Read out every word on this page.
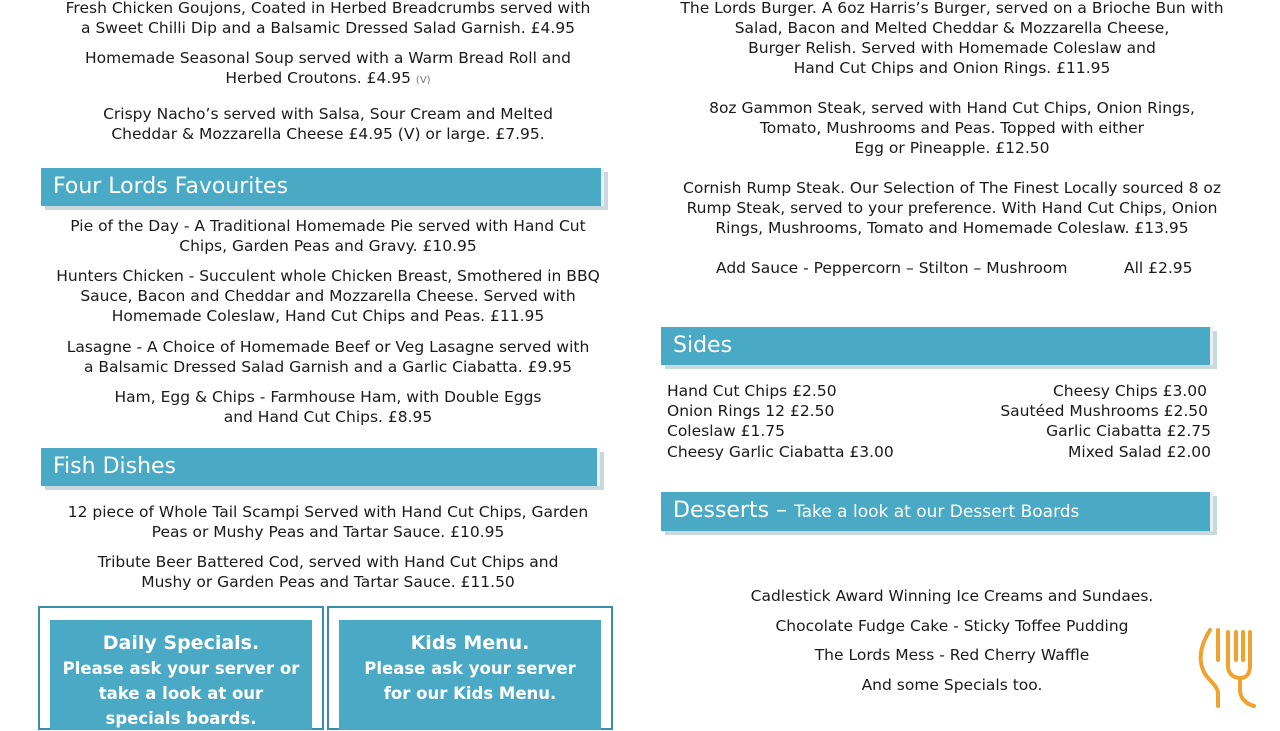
Fresh Chicken Goujons, Coated in Herbed Breadcrumbs served with
a Sweet Chilli Dip and a Balsamic Dressed Salad Garnish. £4.95
Homemade Seasonal Soup served with a Warm Bread Roll and
Herbed Croutons. £4.95 (V)
Crispy Nacho’s served with Salsa, Sour Cream and Melted
Cheddar & Mozzarella Cheese £4.95 (V) or large. £7.95.
Four Lords Favourites
Pie of the Day - A Traditional Homemade Pie served with Hand Cut
Chips, Garden Peas and Gravy. £10.95
Hunters Chicken - Succulent whole Chicken Breast, Smothered in BBQ
Sauce, Bacon and Cheddar and Mozzarella Cheese. Served with
Homemade Coleslaw, Hand Cut Chips and Peas. £11.95
Lasagne - A Choice of Homemade Beef or Veg Lasagne served with
a Balsamic Dressed Salad Garnish and a Garlic Ciabatta. £9.95
Ham, Egg & Chips - Farmhouse Ham, with Double Eggs
and Hand Cut Chips. £8.95
Fish Dishes
12 piece of Whole Tail Scampi Served with Hand Cut Chips, Garden
Peas or Mushy Peas and Tartar Sauce. £10.95
Tribute Beer Battered Cod, served with Hand Cut Chips and
Mushy or Garden Peas and Tartar Sauce. £11.50
Daily Specials.
Please ask your server or
take a look at our
specials boards.
Kids Menu.
Please ask your server
for our Kids Menu.
The Lords Burger. A 6oz Harris’s Burger, served on a Brioche Bun with
Salad, Bacon and Melted Cheddar & Mozzarella Cheese,
Burger Relish. Served with Homemade Coleslaw and
Hand Cut Chips and Onion Rings. £11.95
8oz Gammon Steak, served with Hand Cut Chips, Onion Rings,
Tomato, Mushrooms and Peas. Topped with either
Egg or Pineapple. £12.50
Cornish Rump Steak. Our Selection of The Finest Locally sourced 8 oz
Rump Steak, served to your preference. With Hand Cut Chips, Onion
Rings, Mushrooms, Tomato and Homemade Coleslaw. £13.95
Add Sauce - Peppercorn – Stilton – Mushroom	All £2.95
Sides
Hand Cut Chips £2.50	Cheesy Chips £3.00
Onion Rings 12 £2.50	Sautéed Mushrooms £2.50
Coleslaw £1.75	Garlic Ciabatta £2.75
Cheesy Garlic Ciabatta £3.00	Mixed Salad £2.00
Desserts – Take a look at our Dessert Boards
Cadlestick Award Winning Ice Creams and Sundaes.
Chocolate Fudge Cake - Sticky Toffee Pudding
The Lords Mess - Red Cherry Waffle
And some Specials too.
